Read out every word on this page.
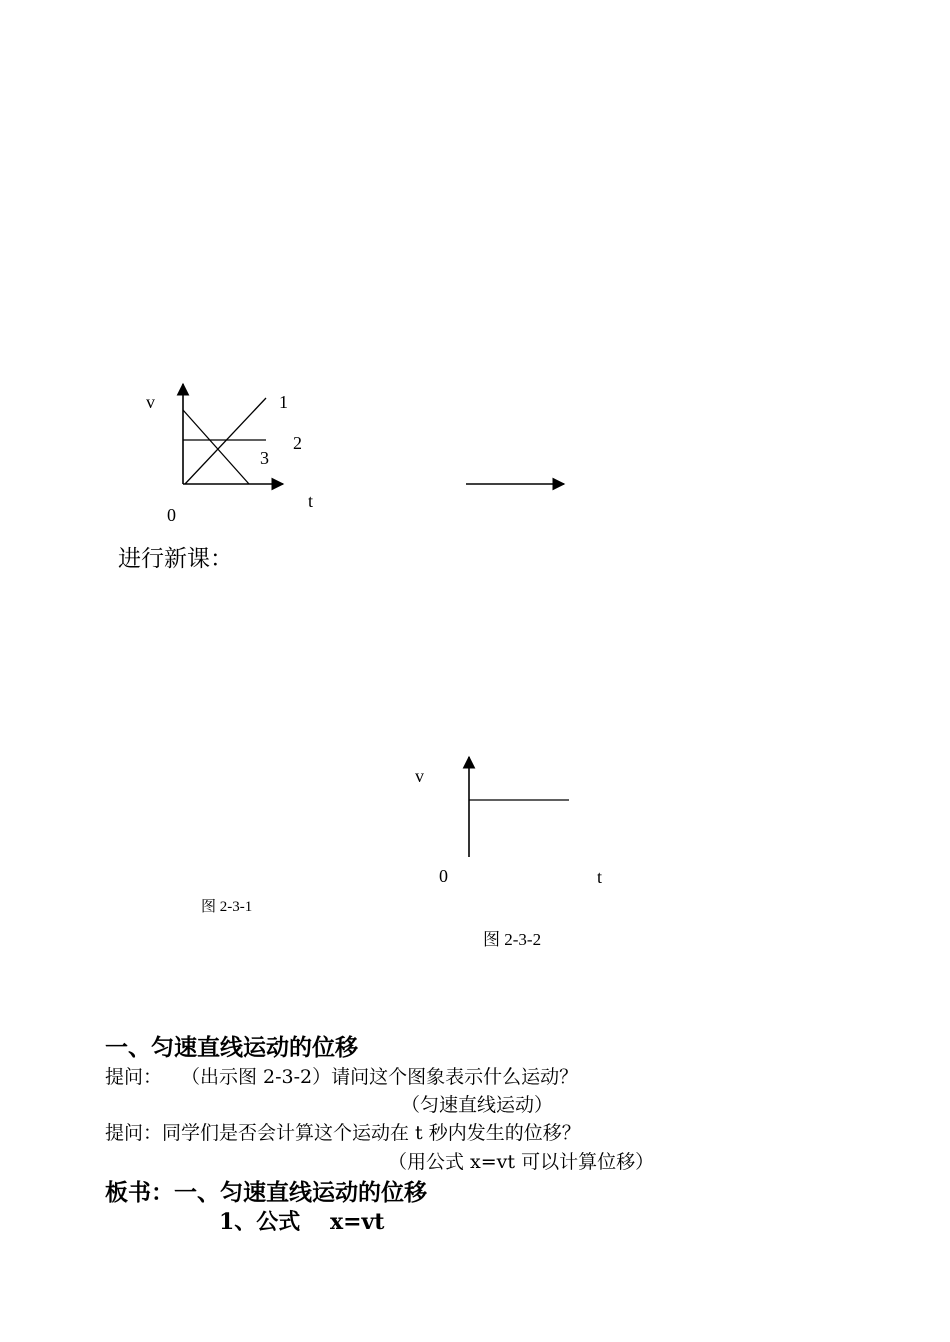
v	1
2
3
t
0
进行新课：
v
0	t
图 2-3-1
图 2-3-2
一、匀速直线运动的位移
提问：　　（出示图 2-3-2）请问这个图象表示什么运动？
（匀速直线运动）
提问：同学们是否会计算这个运动在 t 秒内发生的位移？
（用公式 x=vt 可以计算位移）
板书：一、匀速直线运动的位移
1、公式　 x=vt
